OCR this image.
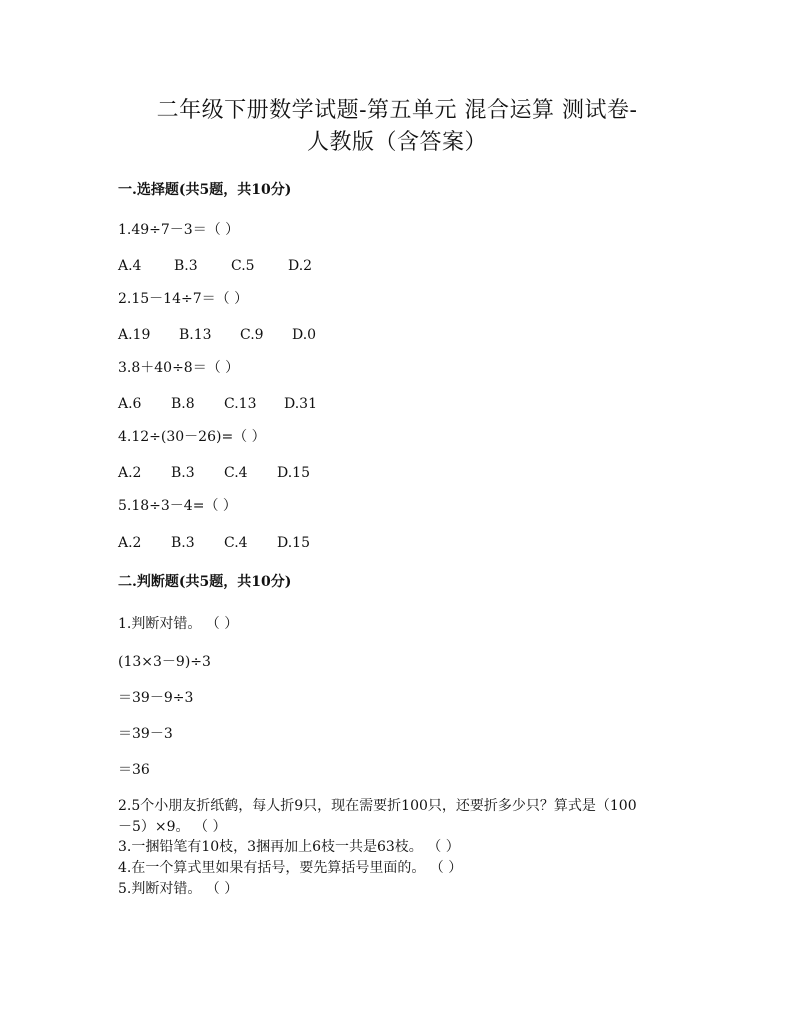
二年级下册数学试题-第五单元 混合运算 测试卷-
人教版（含答案）
一.选择题(共5题，共10分)
1.49÷7－3＝（ ）
A.4 B.3 C.5 D.2
2.15－14÷7＝（ ）
A.19 B.13 C.9 D.0
3.8＋40÷8＝（ ）
A.6 B.8 C.13 D.31
4.12÷(30－26)=（ ）
A.2 B.3 C.4 D.15
5.18÷3－4=（ ）
A.2 B.3 C.4 D.15
二.判断题(共5题，共10分)
1.判断对错。 （ ）
(13×3－9)÷3
＝39－9÷3
＝39－3
＝36
2.5个小朋友折纸鹤，每人折9只，现在需要折100只，还要折多少只？算式是（100
－5）×9。 （ ）
3.一捆铅笔有10枝，3捆再加上6枝一共是63枝。 （ ）
4.在一个算式里如果有括号，要先算括号里面的。 （ ）
5.判断对错。 （ ）
